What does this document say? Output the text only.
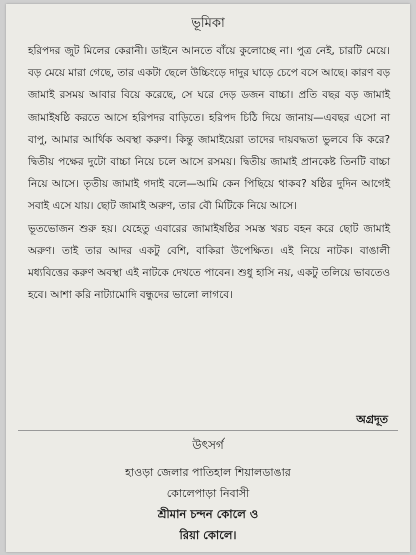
ভূমিকা

হরিপদর জুট মিলের কেরানী। ডাইনে আনতে বাঁয়ে কুলোচ্ছে না। পুত্র নেই, চারটি মেয়ে। বড় মেয়ে মারা গেছে, তার একটা ছেলে উচ্চিংড়ে দাদুর ঘাড়ে চেপে বসে আছে। কারণ বড় জামাই রসময় আবার বিয়ে করেছে, সে ঘরে দেড় ডজন বাচ্চা। প্রতি বছর বড় জামাই জামাইষষ্ঠি করতে আসে হরিপদর বাড়িতে। হরিপদ চিঠি দিয়ে জানায়—এবছর এসো না বাপু, আমার আর্থিক অবস্থা করুণ। কিন্তু জামাইয়েরা তাদের দায়বদ্ধতা ভুলবে কি করে? দ্বিতীয় পক্ষের দুটো বাচ্চা নিয়ে চলে আসে রসময়। দ্বিতীয় জামাই প্রানকেষ্ট তিনটি বাচ্চা নিয়ে আসে। তৃতীয় জামাই গদাই বলে—আমি কেন পিছিয়ে থাকব? ষষ্ঠির দুদিন আগেই সবাই এসে যায়। ছোট জামাই অরুণ, তার বৌ মিটিকে নিয়ে আসে।

ভূতভোজন শুরু হয়। যেহেতু এবারের জামাইষষ্ঠির সমস্ত খরচ বহন করে ছোট জামাই অরুণ। তাই তার আদর একটু বেশি, বাকিরা উপেক্ষিত। এই নিয়ে নাটক। বাঙালী মধ্যবিত্তের করুণ অবস্থা এই নাটকে দেখতে পাবেন। শুধু হাসি নয়, একটু তলিয়ে ভাবতেও হবে। আশা করি নাট্যামোদি বন্ধুদের ভালো লাগবে।

অগ্রদূত
উৎসর্গ
হাওড়া জেলার পাতিহাল শিয়ালডাঙার
কোলেপাড়া নিবাসী
শ্রীমান চন্দন কোলে ও
রিয়া কোলে।
